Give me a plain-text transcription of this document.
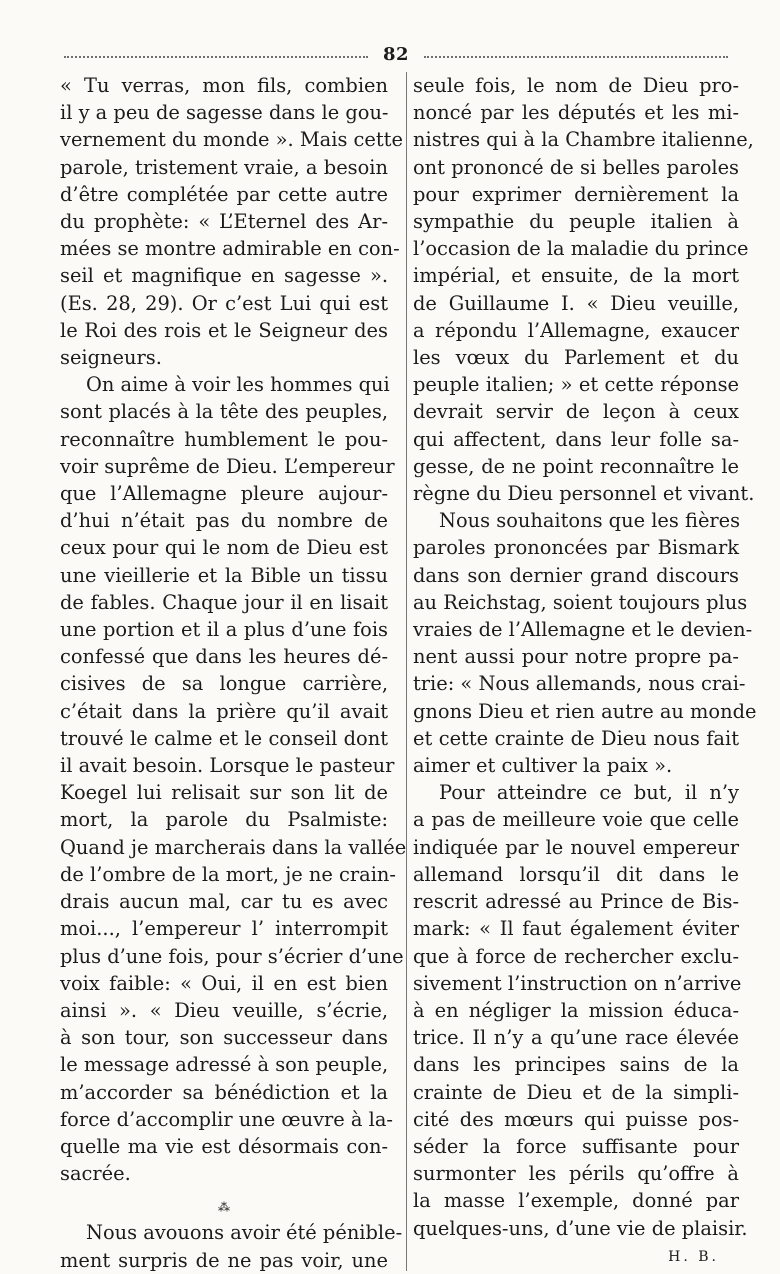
82
« Tu verras, mon fils, combien
il y a peu de sagesse dans le gou-
vernement du monde ». Mais cette
parole, tristement vraie, a besoin
d’être complétée par cette autre
du prophète: « L’Eternel des Ar-
mées se montre admirable en con-
seil et magnifique en sagesse ».
(Es. 28, 29). Or c’est Lui qui est
le Roi des rois et le Seigneur des
seigneurs.
On aime à voir les hommes qui
sont placés à la tête des peuples,
reconnaître humblement le pou-
voir suprême de Dieu. L’empereur
que l’Allemagne pleure aujour-
d’hui n’était pas du nombre de
ceux pour qui le nom de Dieu est
une vieillerie et la Bible un tissu
de fables. Chaque jour il en lisait
une portion et il a plus d’une fois
confessé que dans les heures dé-
cisives de sa longue carrière,
c’était dans la prière qu’il avait
trouvé le calme et le conseil dont
il avait besoin. Lorsque le pasteur
Koegel lui relisait sur son lit de
mort, la parole du Psalmiste:
Quand je marcherais dans la vallée
de l’ombre de la mort, je ne crain-
drais aucun mal, car tu es avec
moi..., l’empereur l’ interrompit
plus d’une fois, pour s’écrier d’une
voix faible: « Oui, il en est bien
ainsi ». « Dieu veuille, s’écrie,
à son tour, son successeur dans
le message adressé à son peuple,
m’accorder sa bénédiction et la
force d’accomplir une œuvre à la-
quelle ma vie est désormais con-
sacrée.
⁂
Nous avouons avoir été pénible-
ment surpris de ne pas voir, une
seule fois, le nom de Dieu pro-
noncé par les députés et les mi-
nistres qui à la Chambre italienne,
ont prononcé de si belles paroles
pour exprimer dernièrement la
sympathie du peuple italien à
l’occasion de la maladie du prince
impérial, et ensuite, de la mort
de Guillaume I. « Dieu veuille,
a répondu l’Allemagne, exaucer
les vœux du Parlement et du
peuple italien; » et cette réponse
devrait servir de leçon à ceux
qui affectent, dans leur folle sa-
gesse, de ne point reconnaître le
règne du Dieu personnel et vivant.
Nous souhaitons que les fières
paroles prononcées par Bismark
dans son dernier grand discours
au Reichstag, soient toujours plus
vraies de l’Allemagne et le devien-
nent aussi pour notre propre pa-
trie: « Nous allemands, nous crai-
gnons Dieu et rien autre au monde
et cette crainte de Dieu nous fait
aimer et cultiver la paix ».
Pour atteindre ce but, il n’y
a pas de meilleure voie que celle
indiquée par le nouvel empereur
allemand lorsqu’il dit dans le
rescrit adressé au Prince de Bis-
mark: « Il faut également éviter
que à force de rechercher exclu-
sivement l’instruction on n’arrive
à en négliger la mission éduca-
trice. Il n’y a qu’une race élevée
dans les principes sains de la
crainte de Dieu et de la simpli-
cité des mœurs qui puisse pos-
séder la force suffisante pour
surmonter les périls qu’offre à
la masse l’exemple, donné par
quelques-uns, d’une vie de plaisir.
H. B.
